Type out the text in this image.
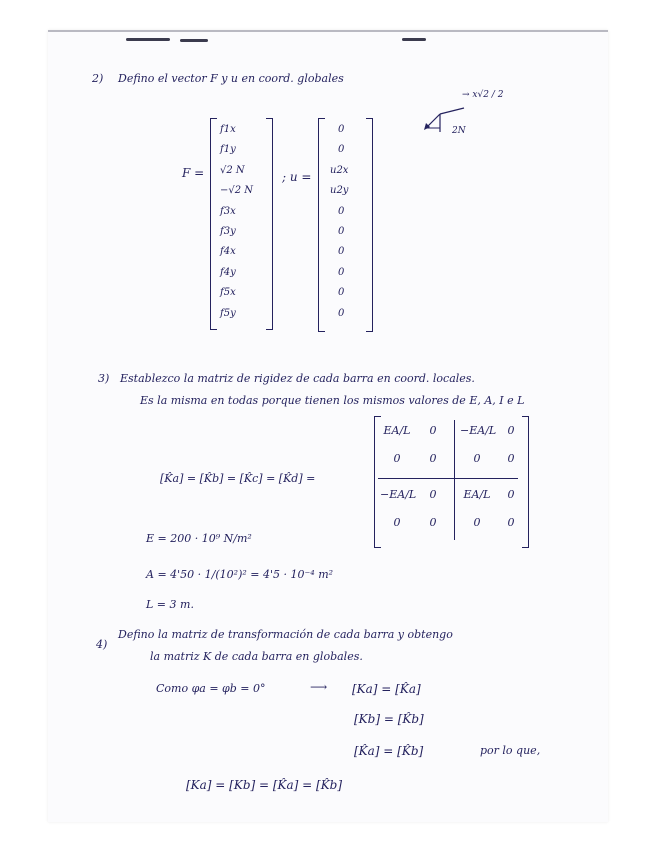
2) Defino el vector F y u en coord. globales
→ x√2 / 2
2N
F =
f1x
f1y
√2 N
−√2 N
f3x
f3y
f4x
f4y
f5x
f5y
; u =
0
0
u2x
u2y
0
0
0
0
0
0
3) Establezco la matriz de rigidez de cada barra en coord. locales.
Es la misma en todas porque tienen los mismos valores de E, A, I e L
[K̂a] = [K̂b] = [K̂c] = [K̂d] =
EA/L	0	−EA/L	0
0	0	0	0
−EA/L	0	EA/L	0
0	0	0	0
E = 200 · 10⁹ N/m²
A = 4'50 · 1/(10²)² = 4'5 · 10⁻⁴ m²
L = 3 m.
4)
Defino la matriz de transformación de cada barra y obtengo
la matriz K de cada barra en globales.
Como φa = φb = 0°	⟶ [Ka] = [K̂a]
[Kb] = [K̂b]
[K̂a] = [K̂b]	por lo que,
[Ka] = [Kb] = [K̂a] = [K̂b]
